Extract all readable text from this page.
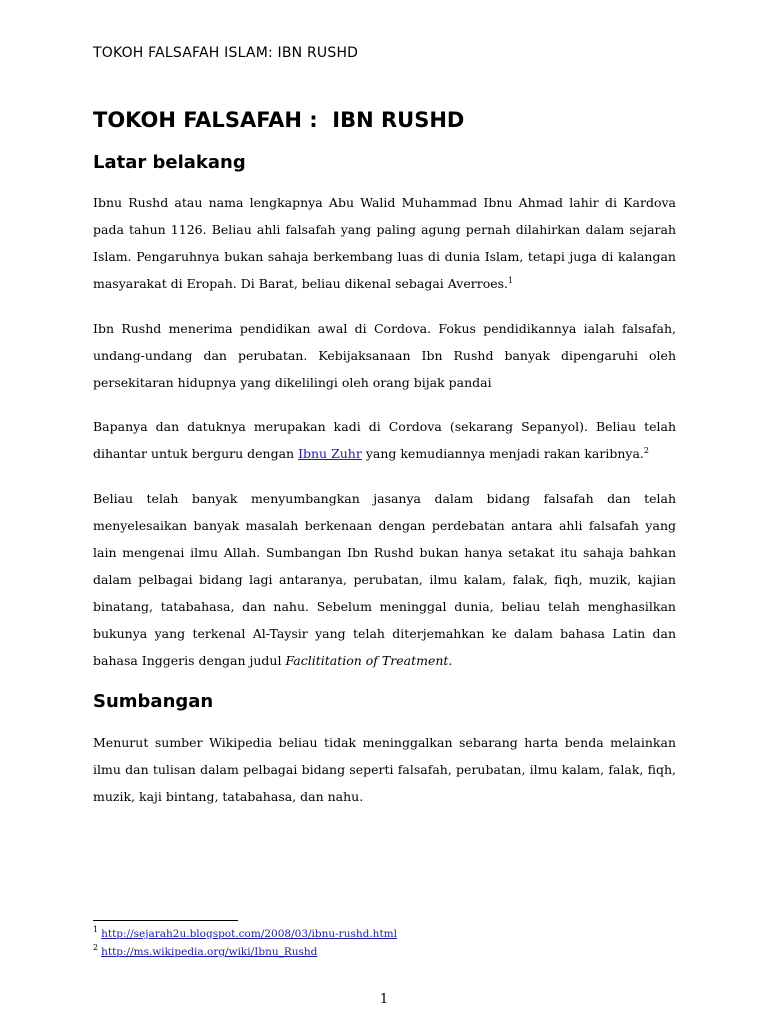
TOKOH FALSAFAH ISLAM: IBN RUSHD
TOKOH FALSAFAH :  IBN RUSHD
Latar belakang

Ibnu Rushd atau nama lengkapnya Abu Walid Muhammad Ibnu Ahmad lahir di Kardova pada tahun 1126. Beliau ahli falsafah yang paling agung pernah dilahirkan dalam sejarah Islam. Pengaruhnya bukan sahaja berkembang luas di dunia Islam, tetapi juga di kalangan masyarakat di Eropah. Di Barat, beliau dikenal sebagai Averroes.$^1$

Ibn Rushd menerima pendidikan awal di Cordova. Fokus pendidikannya ialah falsafah, undang-undang dan perubatan. Kebijaksanaan Ibn Rushd banyak dipengaruhi oleh persekitaran hidupnya yang dikelilingi oleh orang bijak pandai

Bapanya dan datuknya merupakan kadi di Cordova (sekarang Sepanyol). Beliau telah dihantar untuk berguru dengan Ibnu Zuhr yang kemudiannya menjadi rakan karibnya.$^2$

Beliau telah banyak menyumbangkan jasanya dalam bidang falsafah dan telah menyelesaikan banyak masalah berkenaan dengan perdebatan antara ahli falsafah yang lain mengenai ilmu Allah. Sumbangan Ibn Rushd bukan hanya setakat itu sahaja bahkan dalam pelbagai bidang lagi antaranya, perubatan, ilmu kalam, falak, fiqh, muzik, kajian binatang, tatabahasa, dan nahu. Sebelum meninggal dunia, beliau telah menghasilkan bukunya yang terkenal Al-Taysir yang telah diterjemahkan ke dalam bahasa Latin dan bahasa Inggeris dengan judul Faclititation of Treatment.

Sumbangan

Menurut sumber Wikipedia beliau tidak meninggalkan sebarang harta benda melainkan ilmu dan tulisan dalam pelbagai bidang seperti falsafah, perubatan, ilmu kalam, falak, fiqh, muzik, kaji bintang, tatabahasa, dan nahu.

$^1$ http://sejarah2u.blogspot.com/2008/03/ibnu-rushd.html
$^2$ http://ms.wikipedia.org/wiki/Ibnu_Rushd
1
